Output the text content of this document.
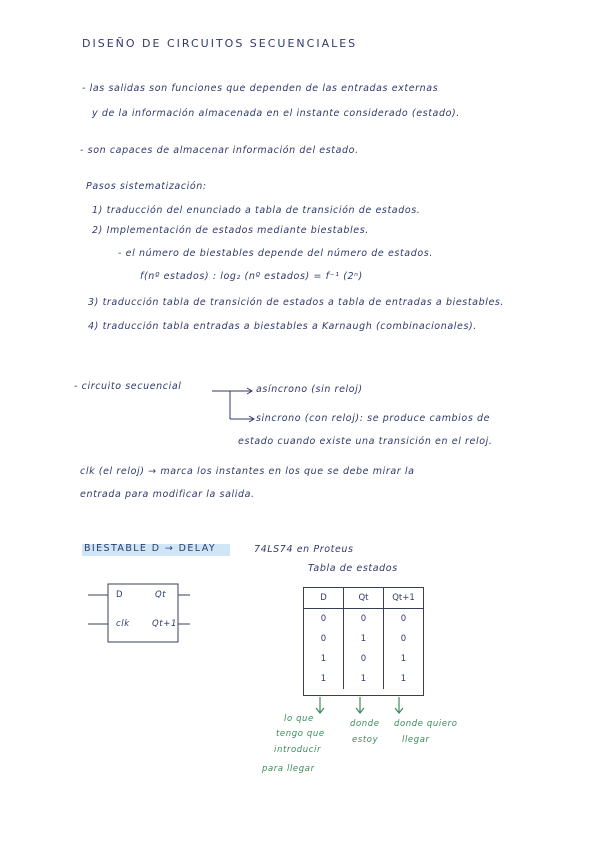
DISEÑO DE CIRCUITOS SECUENCIALES
- las salidas son funciones que dependen de las entradas externas
y de la información almacenada en el instante considerado (estado).
- son capaces de almacenar información del estado.
Pasos sistematización:
1) traducción del enunciado a tabla de transición de estados.
2) Implementación de estados mediante biestables.
- el número de biestables depende del número de estados.
f(nº estados) : log₂ (nº estados) = f⁻¹ (2ⁿ)
3) traducción tabla de transición de estados a tabla de entradas a biestables.
4) traducción tabla entradas a biestables a Karnaugh (combinacionales).
- circuito secuencial	asíncrono (sin reloj)
sincrono (con reloj): se produce cambios de
estado cuando existe una transición en el reloj.
clk (el reloj) → marca los instantes en los que se debe mirar la
entrada para modificar la salida.
BIESTABLE D → DELAY	74LS74 en Proteus
Tabla de estados
D
clk
Qt
Qt+1
D	Qt	Qt+1
0	0	0
0	1	0
1	0	1
1	1	1
lo que
tengo que
introducir
para llegar
donde
estoy
donde quiero
llegar
